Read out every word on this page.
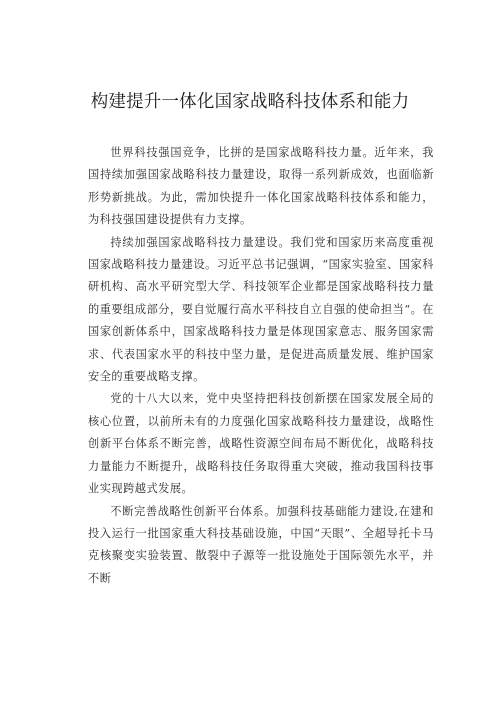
构建提升一体化国家战略科技体系和能力

世界科技强国竞争，比拼的是国家战略科技力量。近年来，我国持续加强国家战略科技力量建设，取得一系列新成效，也面临新形势新挑战。为此，需加快提升一体化国家战略科技体系和能力，为科技强国建设提供有力支撑。

持续加强国家战略科技力量建设。我们党和国家历来高度重视国家战略科技力量建设。习近平总书记强调，“国家实验室、国家科研机构、高水平研究型大学、科技领军企业都是国家战略科技力量的重要组成部分，要自觉履行高水平科技自立自强的使命担当“。在国家创新体系中，国家战略科技力量是体现国家意志、服务国家需求、代表国家水平的科技中坚力量，是促进高质量发展、维护国家安全的重要战略支撑。

党的十八大以来，党中央坚持把科技创新摆在国家发展全局的核心位置，以前所未有的力度强化国家战略科技力量建设，战略性创新平台体系不断完善，战略性资源空间布局不断优化，战略科技力量能力不断提升，战略科技任务取得重大突破，推动我国科技事业实现跨越式发展。

不断完善战略性创新平台体系。加强科技基础能力建设,在建和投入运行一批国家重大科技基础设施，中国“天眼”、全超导托卡马克核聚变实验装置、散裂中子源等一批设施处于国际领先水平，并不断
